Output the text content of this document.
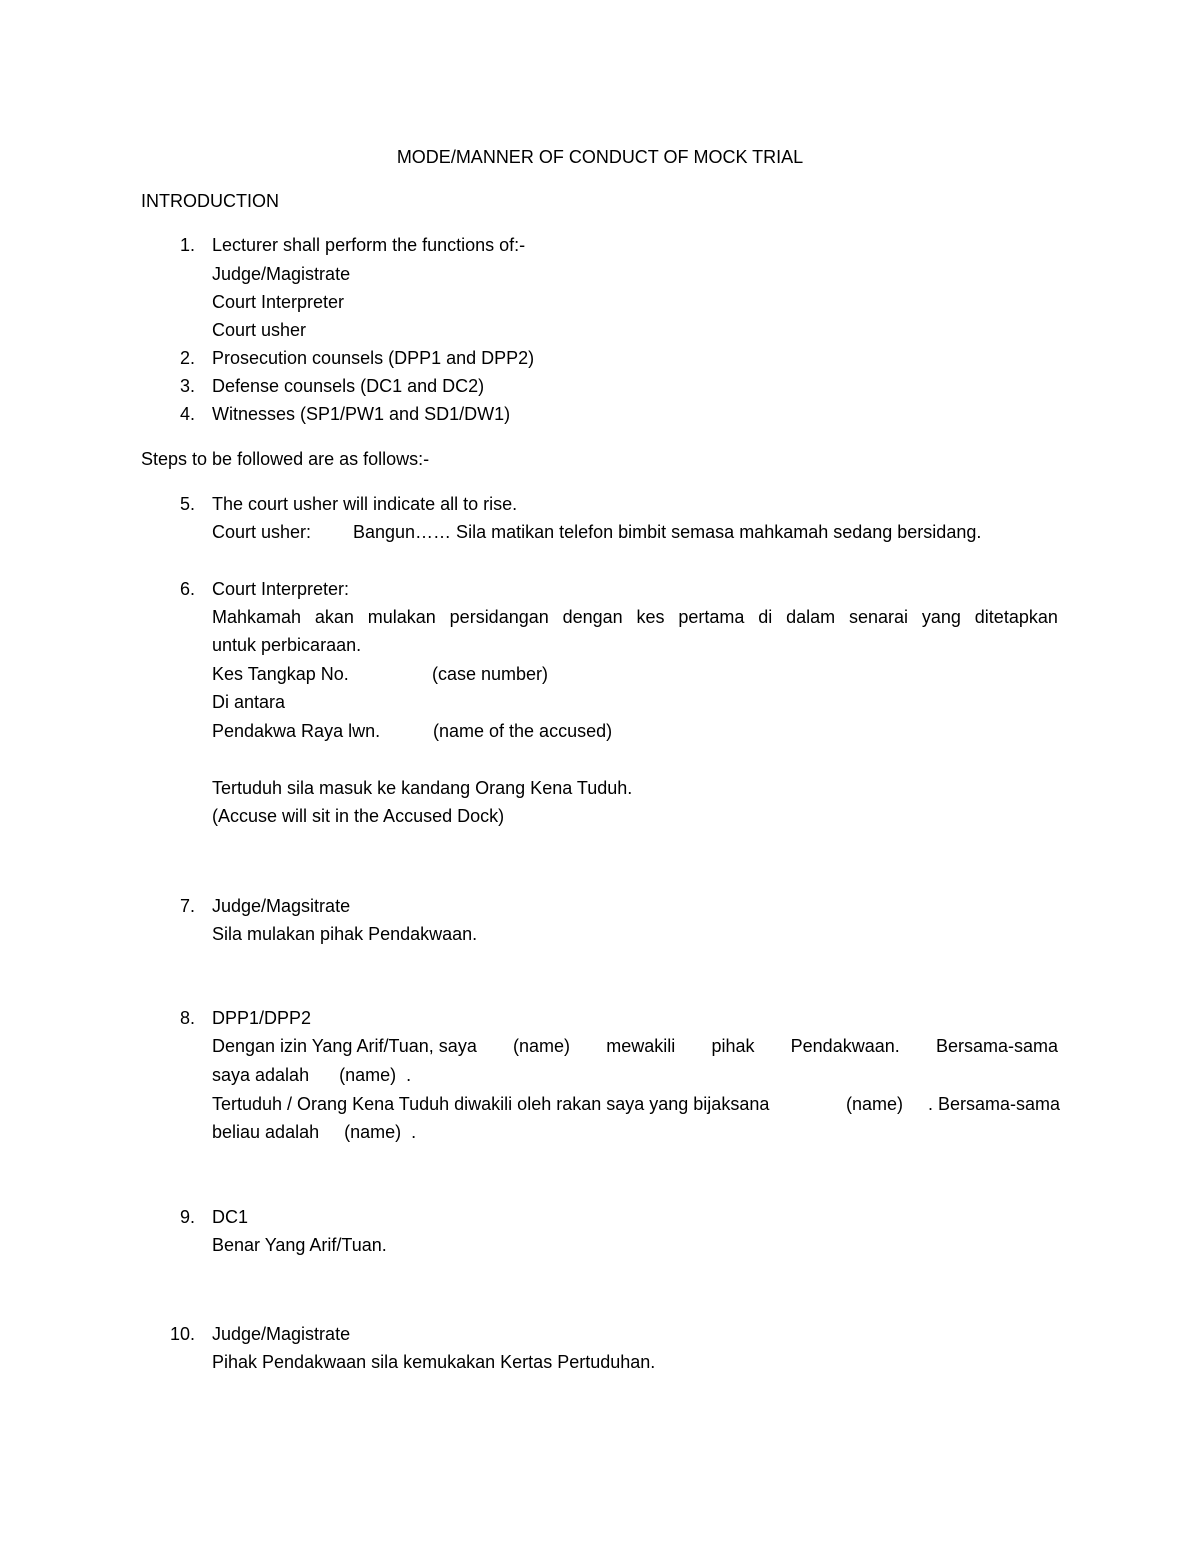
MODE/MANNER OF CONDUCT OF MOCK TRIAL
INTRODUCTION
1. Lecturer shall perform the functions of:-
Judge/Magistrate
Court Interpreter
Court usher
2. Prosecution counsels (DPP1 and DPP2)
3. Defense counsels (DC1 and DC2)
4. Witnesses (SP1/PW1 and SD1/DW1)
Steps to be followed are as follows:-
5. The court usher will indicate all to rise.
Court usher: Bangun…… Sila matikan telefon bimbit semasa mahkamah sedang bersidang.
6. Court Interpreter:
Mahkamah akan mulakan persidangan dengan kes pertama di dalam senarai yang ditetapkan
untuk perbicaraan.
Kes Tangkap No.	(case number)
Di antara
Pendakwa Raya lwn.	(name of the accused)
Tertuduh sila masuk ke kandang Orang Kena Tuduh.
(Accuse will sit in the Accused Dock)
7. Judge/Magsitrate
Sila mulakan pihak Pendakwaan.
8. DPP1/DPP2
Dengan izin Yang Arif/Tuan, saya (name) mewakili pihak Pendakwaan. Bersama-sama
saya adalah      (name)  .
Tertuduh / Orang Kena Tuduh diwakili oleh rakan saya yang bijaksana	(name) . Bersama-sama
beliau adalah     (name)  .
9. DC1
Benar Yang Arif/Tuan.
10. Judge/Magistrate
Pihak Pendakwaan sila kemukakan Kertas Pertuduhan.
